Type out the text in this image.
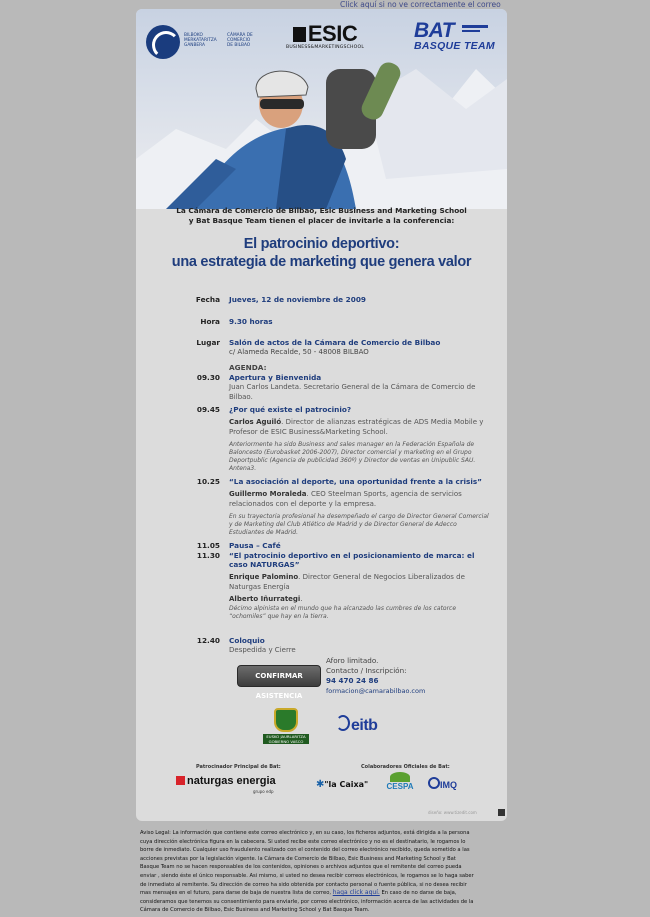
Click aquí si no ve correctamente el correo
BILBOKO
MERKATARITZA
GANBERA
CÁMARA DE
COMERCIO
DE BILBAO	ESIC
BUSINESS&MARKETINGSCHOOL
BAT
BASQUE TEAM
La Cámara de Comercio de Bilbao, Esic Business and Marketing School
y Bat Basque Team tienen el placer de invitarle a la conferencia:
El patrocinio deportivo:
una estrategia de marketing que genera valor
Fecha Jueves, 12 de noviembre de 2009
Hora 9.30 horas
Lugar Salón de actos de la Cámara de Comercio de Bilbao
c/ Alameda Recalde, 50 - 48008 BILBAO
AGENDA:
09.30 Apertura y Bienvenida
Juan Carlos Landeta. Secretario General de la Cámara de Comercio de Bilbao.
09.45 ¿Por qué existe el patrocinio?
Carlos Aguiló. Director de alianzas estratégicas de ADS Media Mobile y Profesor de ESIC Business&Marketing School.
Anteriormente ha sido Business and sales manager en la Federación Española de Baloncesto (Eurobasket 2006-2007), Director comercial y marketing en el Grupo Deportpublic (Agencia de publicidad 360º) y Director de ventas en Unipublic SAU. Antena3.
10.25 “La asociación al deporte, una oportunidad frente a la crisis”
Guillermo Moraleda. CEO Steelman Sports, agencia de servicios relacionados con el deporte y la empresa.
En su trayectoria profesional ha desempeñado el cargo de Director General Comercial y de Marketing del Club Atlético de Madrid y de Director General de Adecco Estudiantes de Madrid.
11.05 Pausa – Café
11.30 “El patrocinio deportivo en el posicionamiento de marca: el caso NATURGAS”
Enrique Palomino. Director General de Negocios Liberalizados de Naturgas Energía
Alberto Iñurrategi.
Décimo alpinista en el mundo que ha alcanzado las cumbres de los catorce “ochomiles” que hay en la tierra.
12.40 Coloquio
Despedida y Cierre
CONFIRMAR ASISTENCIA
Aforo limitado.
Contacto / Inscripción:
94 470 24 86
formacion@camarabilbao.com
EUSKO JAURLARITZA
GOBIERNO VASCO
eitb
Patrocinador Principal de Bat:	Colaboradores Oficiales de Bat:
naturgas energia
grupo edp
✱"la Caixa"	CESPA	IMQ
diseño: www.tizedit.com
Aviso Legal: La información que contiene este correo electrónico y, en su caso, los ficheros adjuntos, está dirigida a la persona cuya dirección electrónica figura en la cabecera. Si usted recibe este correo electrónico y no es el destinatario, le rogamos lo borre de inmediato. Cualquier uso fraudulento realizado con el contenido del correo electrónico recibido, queda sometido a las acciones previstas por la legislación vigente. la Cámara de Comercio de Bilbao, Esic Business and Marketing School y Bat Basque Team no se hacen responsables de los contenidos, opiniones o archivos adjuntos que el remitente del correo pueda enviar , siendo éste el único responsable. Asi mismo, si usted no desea recibir correos electrónicos, le rogamos se lo haga saber de inmediato al remitente. Su dirección de correo ha sido obtenida por contacto personal o fuente pública, si no desea recibir mas mensajes en el futuro, para darse de baja de nuestra lista de correo, haga click aquí. En caso de no darse de baja, consideramos que tenemos su consentimiento para enviarle, por correo electrónico, información acerca de las actividades de la Cámara de Comercio de Bilbao, Esic Business and Marketing School y Bat Basque Team.
